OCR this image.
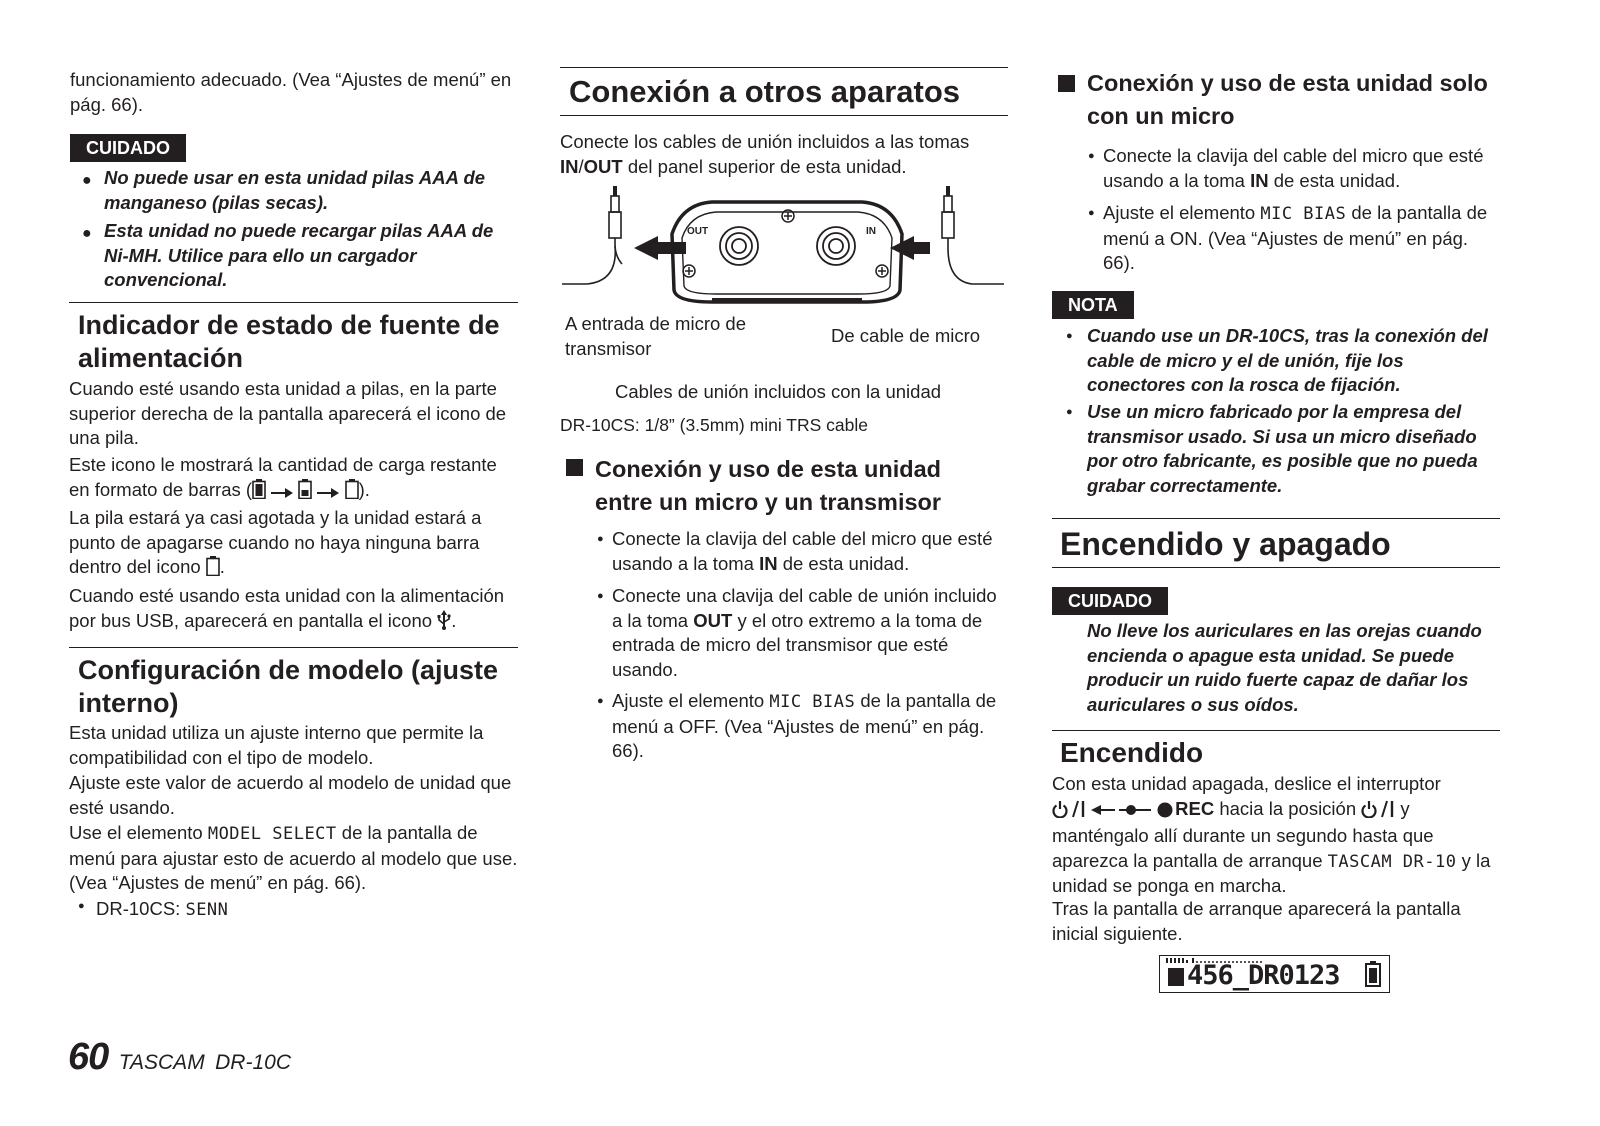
funcionamiento adecuado. (Vea “Ajustes de menú” en pág. 66).

CUIDADO
● No puede usar en esta unidad pilas AAA de manganeso (pilas secas).
● Esta unidad no puede recargar pilas AAA de Ni-MH. Utilice para ello un cargador convencional.
Indicador de estado de fuente de alimentación

Cuando esté usando esta unidad a pilas, en la parte superior derecha de la pantalla aparecerá el icono de una pila.

Este icono le mostrará la cantidad de carga restante en formato de barras (	).

La pila estará ya casi agotada y la unidad estará a punto de apagarse cuando no haya ninguna barra dentro del icono .

Cuando esté usando esta unidad con la alimentación por bus USB, aparecerá en pantalla el icono .

Configuración de modelo (ajuste interno)

Esta unidad utiliza un ajuste interno que permite la compatibilidad con el tipo de modelo.

Ajuste este valor de acuerdo al modelo de unidad que esté usando.

Use el elemento MODEL SELECT de la pantalla de menú para ajustar esto de acuerdo al modelo que use. (Vea “Ajustes de menú” en pág. 66).

● DR-10CS: SENN

Conexión a otros aparatos

Conecte los cables de unión incluidos a las tomas IN/OUT del panel superior de esta unidad.

OUT	IN

A entrada de micro de transmisor

De cable de micro

Cables de unión incluidos con la unidad

DR-10CS: 1/8” (3.5mm) mini TRS cable

Conexión y uso de esta unidad entre un micro y un transmisor
● Conecte la clavija del cable del micro que esté usando a la toma IN de esta unidad.

● Conecte una clavija del cable de unión incluido a la toma OUT y el otro extremo a la toma de entrada de micro del transmisor que esté usando.

● Ajuste el elemento MIC BIAS de la pantalla de menú a OFF. (Vea “Ajustes de menú” en pág. 66).

Conexión y uso de esta unidad solo con un micro
● Conecte la clavija del cable del micro que esté usando a la toma IN de esta unidad.

● Ajuste el elemento MIC BIAS de la pantalla de menú a ON. (Vea “Ajustes de menú” en pág. 66).

NOTA
● Cuando use un DR-10CS, tras la conexión del cable de micro y el de unión, fije los conectores con la rosca de fijación.
● Use un micro fabricado por la empresa del transmisor usado. Si usa un micro diseñado por otro fabricante, es posible que no pueda grabar correctamente.
Encendido y apagado
CUIDADO
No lleve los auriculares en las orejas cuando encienda o apague esta unidad. Se puede producir un ruido fuerte capaz de dañar los auriculares o sus oídos.
Encendido

Con esta unidad apagada, deslice el interruptor
REC hacia la posición y manténgalo allí durante un segundo hasta que aparezca la pantalla de arranque TASCAM DR-10 y la unidad se ponga en marcha.

Tras la pantalla de arranque aparecerá la pantalla inicial siguiente.

456_DR0123
60 TASCAM DR-10C
